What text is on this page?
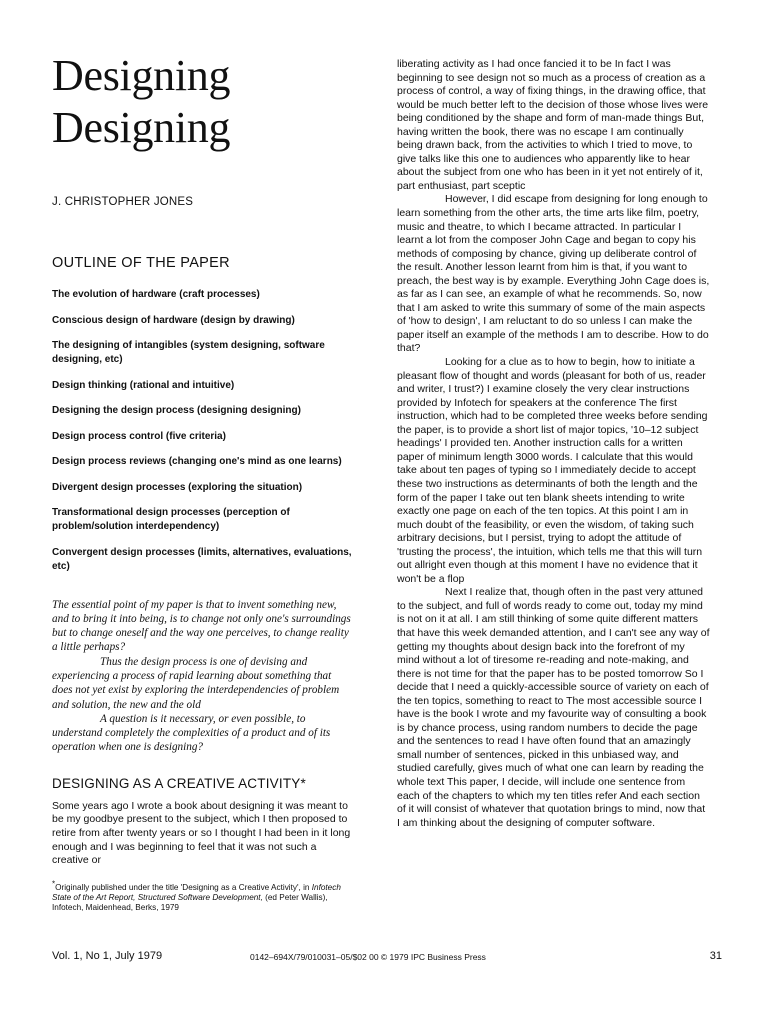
Designing
Designing
J. CHRISTOPHER JONES
OUTLINE OF THE PAPER
The evolution of hardware (craft processes)
Conscious design of hardware (design by drawing)
The designing of intangibles (system designing, software designing, etc)
Design thinking (rational and intuitive)
Designing the design process (designing designing)
Design process control (five criteria)
Design process reviews (changing one's mind as one learns)
Divergent design processes (exploring the situation)
Transformational design processes (perception of problem/solution interdependency)
Convergent design processes (limits, alternatives, evaluations, etc)

The essential point of my paper is that to invent something new, and to bring it into being, is to change not only one's surroundings but to change oneself and the way one perceives, to change reality a little perhaps?

Thus the design process is one of devising and experiencing a process of rapid learning about something that does not yet exist by exploring the interdependencies of problem and solution, the new and the old

A question is it necessary, or even possible, to understand completely the complexities of a product and of its operation when one is designing?

DESIGNING AS A CREATIVE ACTIVITY*
Some years ago I wrote a book about designing it was meant to be my goodbye present to the subject, which I then proposed to retire from after twenty years or so I thought I had been in it long enough and I was beginning to feel that it was not such a creative or
*Originally published under the title 'Designing as a Creative Activity', in Infotech State of the Art Report, Structured Software Development, (ed Peter Wallis), Infotech, Maidenhead, Berks, 1979

liberating activity as I had once fancied it to be In fact I was beginning to see design not so much as a process of creation as a process of control, a way of fixing things, in the drawing office, that would be much better left to the decision of those whose lives were being conditioned by the shape and form of man-made things But, having written the book, there was no escape I am continually being drawn back, from the activities to which I tried to move, to give talks like this one to audiences who apparently like to hear about the subject from one who has been in it yet not entirely of it, part enthusiast, part sceptic

However, I did escape from designing for long enough to learn something from the other arts, the time arts like film, poetry, music and theatre, to which I became attracted. In particular I learnt a lot from the composer John Cage and began to copy his methods of composing by chance, giving up deliberate control of the result. Another lesson learnt from him is that, if you want to preach, the best way is by example. Everything John Cage does is, as far as I can see, an example of what he recommends. So, now that I am asked to write this summary of some of the main aspects of 'how to design', I am reluctant to do so unless I can make the paper itself an example of the methods I am to describe. How to do that?

Looking for a clue as to how to begin, how to initiate a pleasant flow of thought and words (pleasant for both of us, reader and writer, I trust?) I examine closely the very clear instructions provided by Infotech for speakers at the conference The first instruction, which had to be completed three weeks before sending the paper, is to provide a short list of major topics, '10–12 subject headings' I provided ten. Another instruction calls for a written paper of minimum length 3000 words. I calculate that this would take about ten pages of typing so I immediately decide to accept these two instructions as determinants of both the length and the form of the paper I take out ten blank sheets intending to write exactly one page on each of the ten topics. At this point I am in much doubt of the feasibility, or even the wisdom, of taking such arbitrary decisions, but I persist, trying to adopt the attitude of 'trusting the process', the intuition, which tells me that this will turn out allright even though at this moment I have no evidence that it won't be a flop

Next I realize that, though often in the past very attuned to the subject, and full of words ready to come out, today my mind is not on it at all. I am still thinking of some quite different matters that have this week demanded attention, and I can't see any way of getting my thoughts about design back into the forefront of my mind without a lot of tiresome re-reading and note-making, and there is not time for that the paper has to be posted tomorrow So I decide that I need a quickly-accessible source of variety on each of the ten topics, something to react to The most accessible source I have is the book I wrote and my favourite way of consulting a book is by chance process, using random numbers to decide the page and the sentences to read I have often found that an amazingly small number of sentences, picked in this unbiased way, and studied carefully, gives much of what one can learn by reading the whole text This paper, I decide, will include one sentence from each of the chapters to which my ten titles refer And each section of it will consist of whatever that quotation brings to mind, now that I am thinking about the designing of computer software.

Vol. 1, No 1, July 1979	0142–694X/79/010031–05/$02 00 © 1979 IPC Business Press	31
